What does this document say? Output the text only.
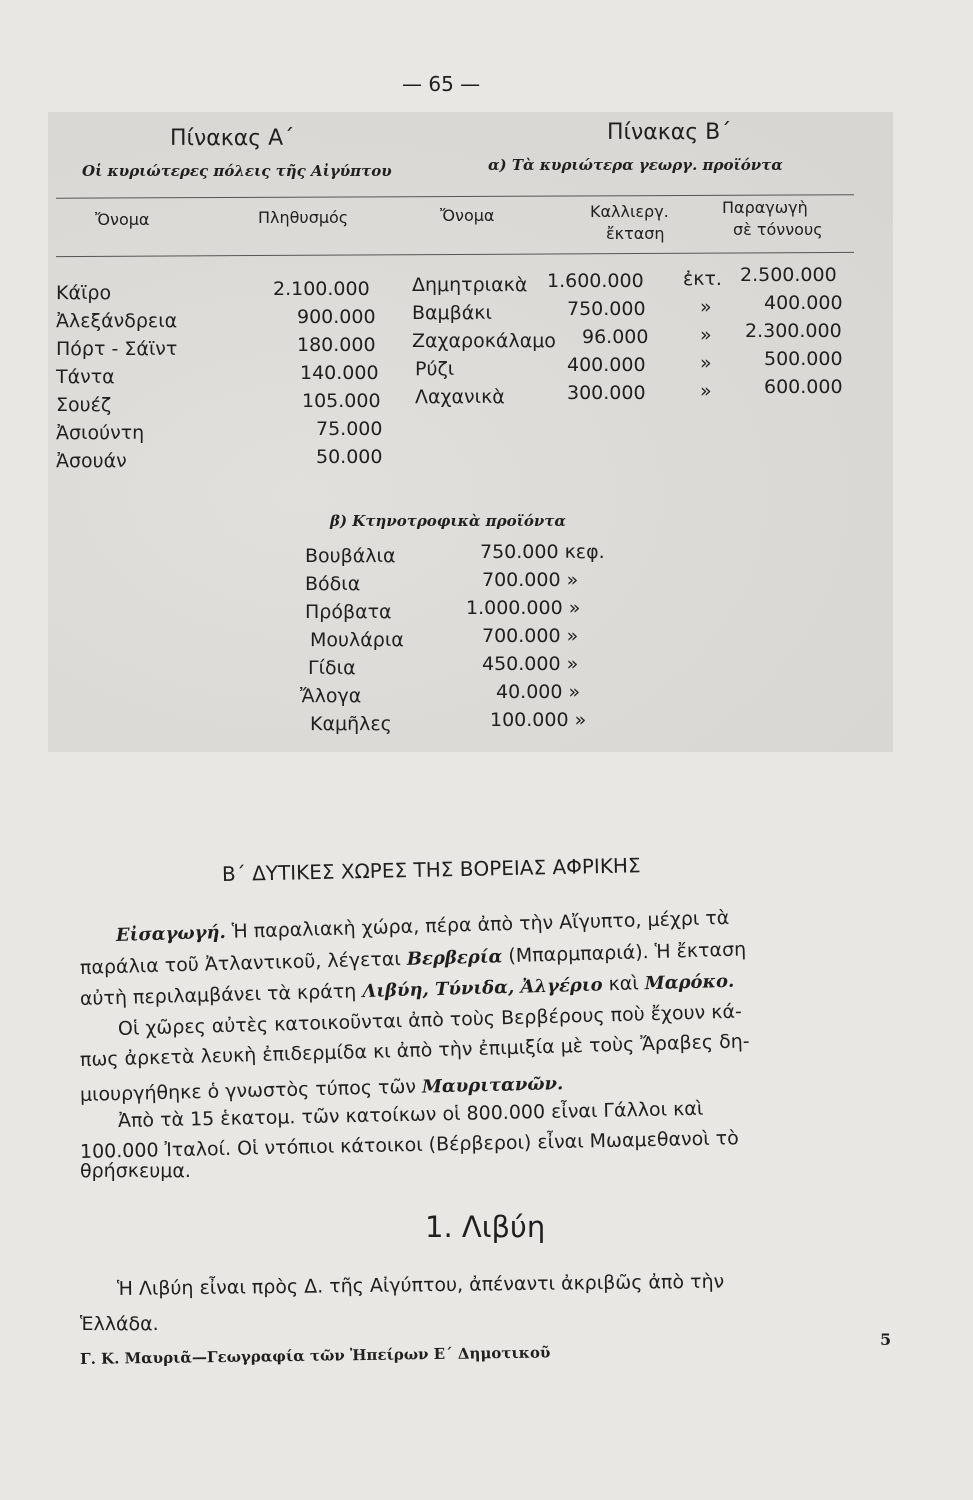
— 65 —
Πίνακας Α΄
Οἱ κυριώτερες πόλεις τῆς Αἰγύπτου
Πίνακας Β΄
α) Τὰ κυριώτερα γεωργ. προϊόντα
Ὄνομα	Πληθυσμός	Ὄνομα	Καλλιεργ.
ἔκταση
Παραγωγὴ
σὲ τόννους
Κάϊρο	2.100.000
Ἀλεξάνδρεια	900.000
Πόρτ - Σάϊντ	180.000
Τάντα	140.000
Σουέζ	105.000
Ἀσιούντη	75.000
Ἀσουάν	50.000
Δημητριακὰ 1.600.000 ἐκτ. 2.500.000
Βαμβάκι	750.000	»	400.000
Ζαχαροκάλαμο 96.000	» 2.300.000
Ρύζι	400.000	»	500.000
Λαχανικὰ	300.000	»	600.000
β) Κτηνοτροφικὰ προϊόντα
Βουβάλια	750.000 κεφ.
Βόδια	700.000 »
Πρόβατα	1.000.000 »
Μουλάρια	700.000 »
Γίδια	450.000 »
Ἄλογα	40.000 »
Καμῆλες	100.000 »
Β΄ ΔΥΤΙΚΕΣ ΧΩΡΕΣ ΤΗΣ ΒΟΡΕΙΑΣ ΑΦΡΙΚΗΣ
Εἰσαγωγή. Ἡ παραλιακὴ χώρα, πέρα ἀπὸ τὴν Αἴγυπτο, μέχρι τὰ
παράλια τοῦ Ἀτλαντικοῦ, λέγεται Βερβερία (Μπαρμπαριά). Ἡ ἔκταση
αὐτὴ περιλαμβάνει τὰ κράτη Λιβύη, Τύνιδα, Ἀλγέριο καὶ Μαρόκο.
Οἱ χῶρες αὐτὲς κατοικοῦνται ἀπὸ τοὺς Βερβέρους ποὺ ἔχουν κά-
πως ἀρκετὰ λευκὴ ἐπιδερμίδα κι ἀπὸ τὴν ἐπιμιξία μὲ τοὺς Ἄραβες δη-
μιουργήθηκε ὁ γνωστὸς τύπος τῶν Μαυριτανῶν.
Ἀπὸ τὰ 15 ἑκατομ. τῶν κατοίκων οἱ 800.000 εἶναι Γάλλοι καὶ
100.000 Ἰταλοί. Οἱ ντόπιοι κάτοικοι (Βέρβεροι) εἶναι Μωαμεθανοὶ τὸ
θρήσκευμα.
1. Λιβύη
Ἡ Λιβύη εἶναι πρὸς Δ. τῆς Αἰγύπτου, ἀπέναντι ἀκριβῶς ἀπὸ τὴν
Ἑλλάδα.
Γ. Κ. Μαυριᾶ—Γεωγραφία τῶν Ἠπείρων Ε΄ Δημοτικοῦ
5
